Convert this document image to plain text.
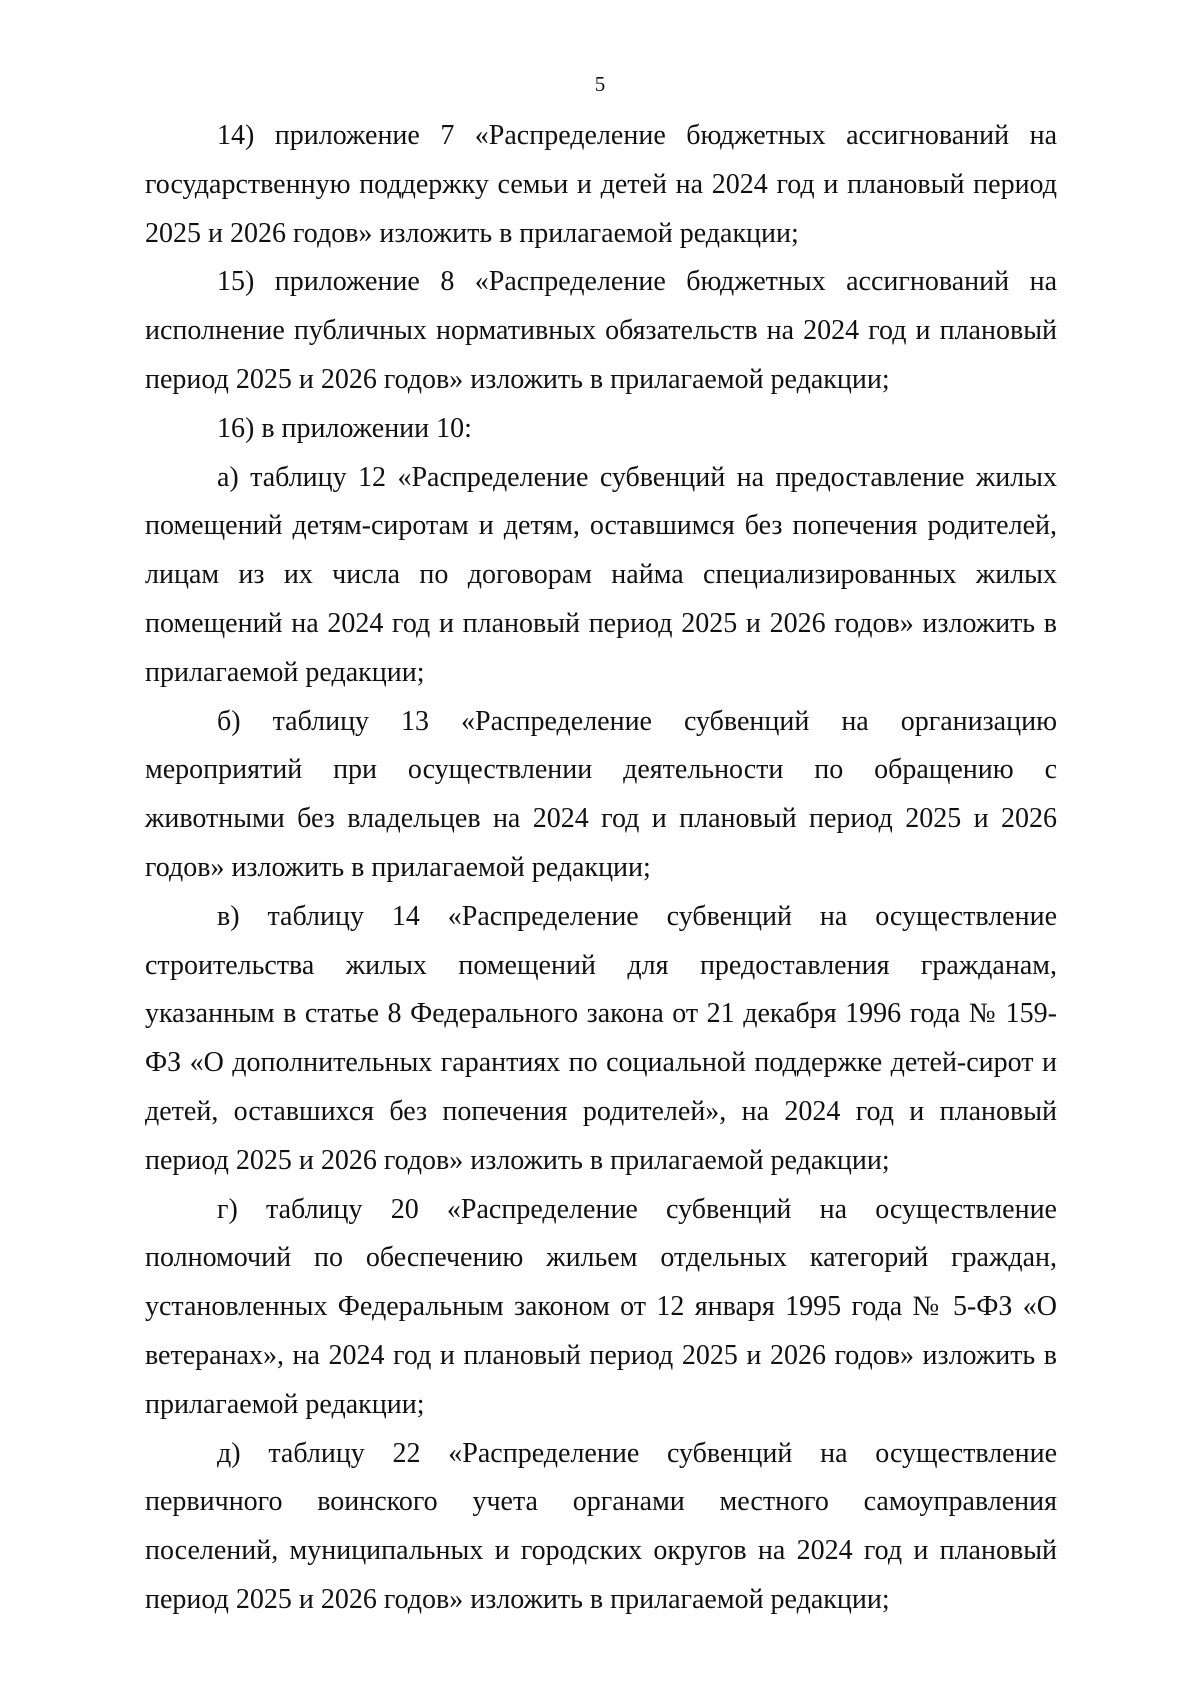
5

14) приложение 7 «Распределение бюджетных ассигнований на государственную поддержку семьи и детей на 2024 год и плановый период 2025 и 2026 годов» изложить в прилагаемой редакции;

15) приложение 8 «Распределение бюджетных ассигнований на исполнение публичных нормативных обязательств на 2024 год и плановый период 2025 и 2026 годов» изложить в прилагаемой редакции;

16) в приложении 10:

а) таблицу 12 «Распределение субвенций на предоставление жилых помещений детям-сиротам и детям, оставшимся без попечения родителей, лицам из их числа по договорам найма специализированных жилых помещений на 2024 год и плановый период 2025 и 2026 годов» изложить в прилагаемой редакции;

б) таблицу 13 «Распределение субвенций на организацию мероприятий при осуществлении деятельности по обращению с животными без владельцев на 2024 год и плановый период 2025 и 2026 годов» изложить в прилагаемой редакции;

в) таблицу 14 «Распределение субвенций на осуществление строительства жилых помещений для предоставления гражданам, указанным в статье 8 Федерального закона от 21 декабря 1996 года № 159-ФЗ «О дополнительных гарантиях по социальной поддержке детей-сирот и детей, оставшихся без попечения родителей», на 2024 год и плановый период 2025 и 2026 годов» изложить в прилагаемой редакции;

г) таблицу 20 «Распределение субвенций на осуществление полномочий по обеспечению жильем отдельных категорий граждан, установленных Федеральным законом от 12 января 1995 года № 5-ФЗ «О ветеранах», на 2024 год и плановый период 2025 и 2026 годов» изложить в прилагаемой редакции;

д) таблицу 22 «Распределение субвенций на осуществление первичного воинского учета органами местного самоуправления поселений, муниципальных и городских округов на 2024 год и плановый период 2025 и 2026 годов» изложить в прилагаемой редакции;
